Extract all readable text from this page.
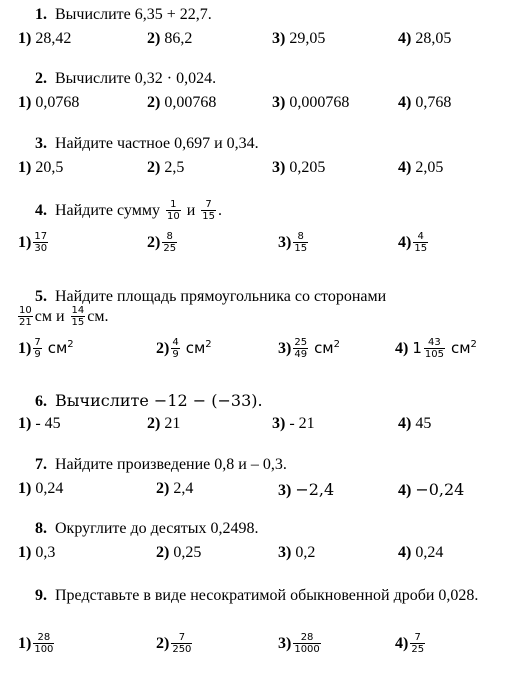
1. Вычислите 6,35 + 22,7.
1) 28,42	2) 86,2	3) 29,05	4) 28,05
2. Вычислите 0,32 · 0,024.
1) 0,0768	2) 0,00768	3) 0,000768	4) 0,768
3. Найдите частное 0,697 и 0,34.
1) 20,5	2) 2,5	3) 0,205	4) 2,05
4. Найдите сумму $\frac{1}{10}$ и $\frac{7}{15}$ .
$1) \frac{17}{30}$	$2) \frac{8}{25}$	$3) \frac{8}{15}$	$4) \frac{4}{15}$
5. Найдите площадь прямоугольника со сторонами
$\frac{10}{21}$ см и $\frac{14}{15}$ см.
$1) \frac{7}{9} см^2$	$2) \frac{4}{9} см^2$	$3) \frac{25}{49} см^2$	4) $1 \frac{43}{105} см^2$
6. Вычислите −12 − (−33).
1) - 45	2) 21	3) - 21	4) 45
7. Найдите произведение 0,8 и – 0,3.
1) 0,24	2) 2,4	3) −2,4	4) −0,24
8. Округлите до десятых 0,2498.
1) 0,3	2) 0,25	3) 0,2	4) 0,24
9. Представьте в виде несократимой обыкновенной дроби 0,028.
$1) \frac{28}{100}$	$2) \frac{7}{250}$	$3) \frac{28}{1000}$	$4) \frac{7}{25}$
